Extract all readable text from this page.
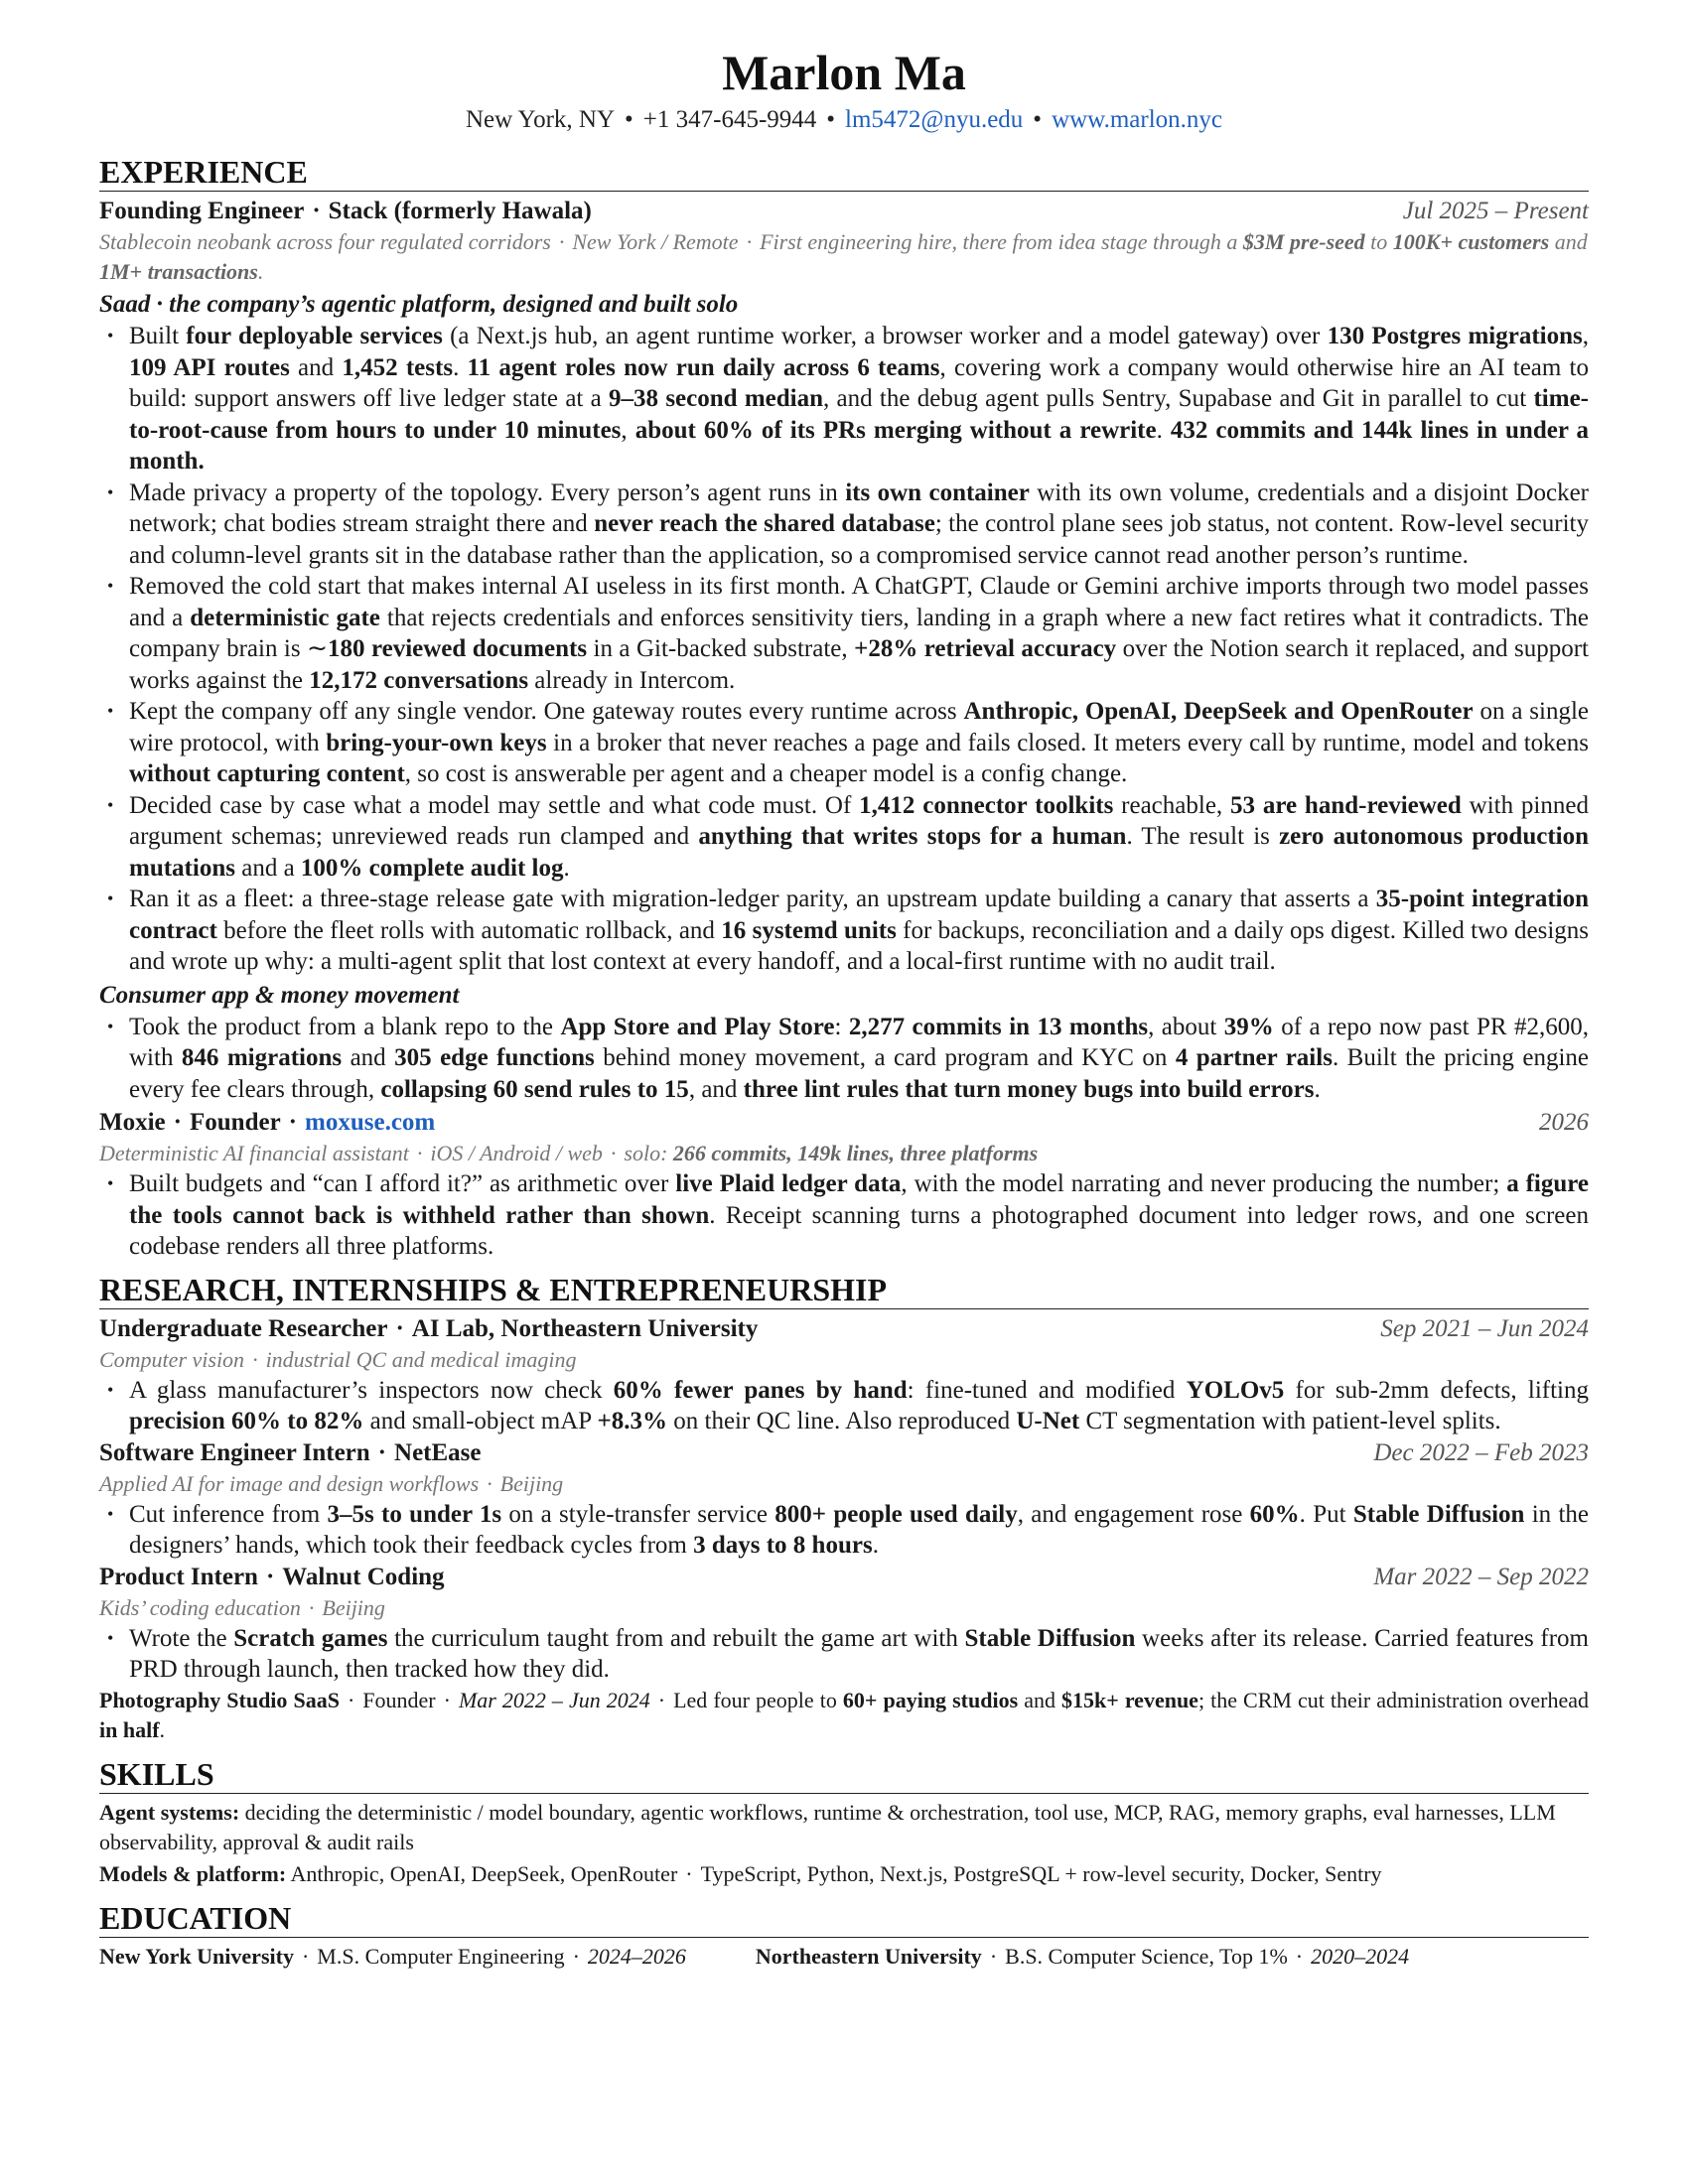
Marlon Ma
New York, NY • +1 347-645-9944 • lm5472@nyu.edu • www.marlon.nyc
EXPERIENCE
Founding Engineer · Stack (formerly Hawala)	Jul 2025 – Present
Stablecoin neobank across four regulated corridors · New York / Remote · First engineering hire, there from idea stage through a $3M pre-seed to 100K+ customers and 1M+ transactions.
Saad · the company’s agentic platform, designed and built solo
• Built four deployable services (a Next.js hub, an agent runtime worker, a browser worker and a model gateway) over 130 Postgres migrations, 109 API routes and 1,452 tests. 11 agent roles now run daily across 6 teams, covering work a company would otherwise hire an AI team to build: support answers off live ledger state at a 9–38 second median, and the debug agent pulls Sentry, Supabase and Git in parallel to cut time-to-root-cause from hours to under 10 minutes, about 60% of its PRs merging without a rewrite. 432 commits and 144k lines in under a month.
• Made privacy a property of the topology. Every person’s agent runs in its own container with its own volume, credentials and a disjoint Docker network; chat bodies stream straight there and never reach the shared database; the control plane sees job status, not content. Row-level security and column-level grants sit in the database rather than the application, so a compromised service cannot read another person’s runtime.
• Removed the cold start that makes internal AI useless in its first month. A ChatGPT, Claude or Gemini archive imports through two model passes and a deterministic gate that rejects credentials and enforces sensitivity tiers, landing in a graph where a new fact retires what it contradicts. The company brain is ∼180 reviewed documents in a Git-backed substrate, +28% retrieval accuracy over the Notion search it replaced, and support works against the 12,172 conversations already in Intercom.
• Kept the company off any single vendor. One gateway routes every runtime across Anthropic, OpenAI, DeepSeek and OpenRouter on a single wire protocol, with bring-your-own keys in a broker that never reaches a page and fails closed. It meters every call by runtime, model and tokens without capturing content, so cost is answerable per agent and a cheaper model is a config change.
• Decided case by case what a model may settle and what code must. Of 1,412 connector toolkits reachable, 53 are hand-reviewed with pinned argument schemas; unreviewed reads run clamped and anything that writes stops for a human. The result is zero autonomous production mutations and a 100% complete audit log.
• Ran it as a fleet: a three-stage release gate with migration-ledger parity, an upstream update building a canary that asserts a 35-point integration contract before the fleet rolls with automatic rollback, and 16 systemd units for backups, reconciliation and a daily ops digest. Killed two designs and wrote up why: a multi-agent split that lost context at every handoff, and a local-first runtime with no audit trail.
Consumer app & money movement
• Took the product from a blank repo to the App Store and Play Store: 2,277 commits in 13 months, about 39% of a repo now past PR #2,600, with 846 migrations and 305 edge functions behind money movement, a card program and KYC on 4 partner rails. Built the pricing engine every fee clears through, collapsing 60 send rules to 15, and three lint rules that turn money bugs into build errors.
Moxie · Founder · moxuse.com	2026
Deterministic AI financial assistant · iOS / Android / web · solo: 266 commits, 149k lines, three platforms
• Built budgets and “can I afford it?” as arithmetic over live Plaid ledger data, with the model narrating and never producing the number; a figure the tools cannot back is withheld rather than shown. Receipt scanning turns a photographed document into ledger rows, and one screen codebase renders all three platforms.
RESEARCH, INTERNSHIPS & ENTREPRENEURSHIP
Undergraduate Researcher · AI Lab, Northeastern University	Sep 2021 – Jun 2024
Computer vision · industrial QC and medical imaging
• A glass manufacturer’s inspectors now check 60% fewer panes by hand: fine-tuned and modified YOLOv5 for sub-2mm defects, lifting precision 60% to 82% and small-object mAP +8.3% on their QC line. Also reproduced U-Net CT segmentation with patient-level splits.
Software Engineer Intern · NetEase	Dec 2022 – Feb 2023
Applied AI for image and design workflows · Beijing
• Cut inference from 3–5s to under 1s on a style-transfer service 800+ people used daily, and engagement rose 60%. Put Stable Diffusion in the designers’ hands, which took their feedback cycles from 3 days to 8 hours.
Product Intern · Walnut Coding	Mar 2022 – Sep 2022
Kids’ coding education · Beijing
• Wrote the Scratch games the curriculum taught from and rebuilt the game art with Stable Diffusion weeks after its release. Carried features from PRD through launch, then tracked how they did.
Photography Studio SaaS · Founder · Mar 2022 – Jun 2024 · Led four people to 60+ paying studios and $15k+ revenue; the CRM cut their administration overhead in half.
SKILLS
Agent systems: deciding the deterministic / model boundary, agentic workflows, runtime & orchestration, tool use, MCP, RAG, memory graphs, eval harnesses, LLM observability, approval & audit rails
Models & platform: Anthropic, OpenAI, DeepSeek, OpenRouter · TypeScript, Python, Next.js, PostgreSQL + row-level security, Docker, Sentry
EDUCATION
New York University · M.S. Computer Engineering · 2024–2026	Northeastern University · B.S. Computer Science, Top 1% · 2020–2024
